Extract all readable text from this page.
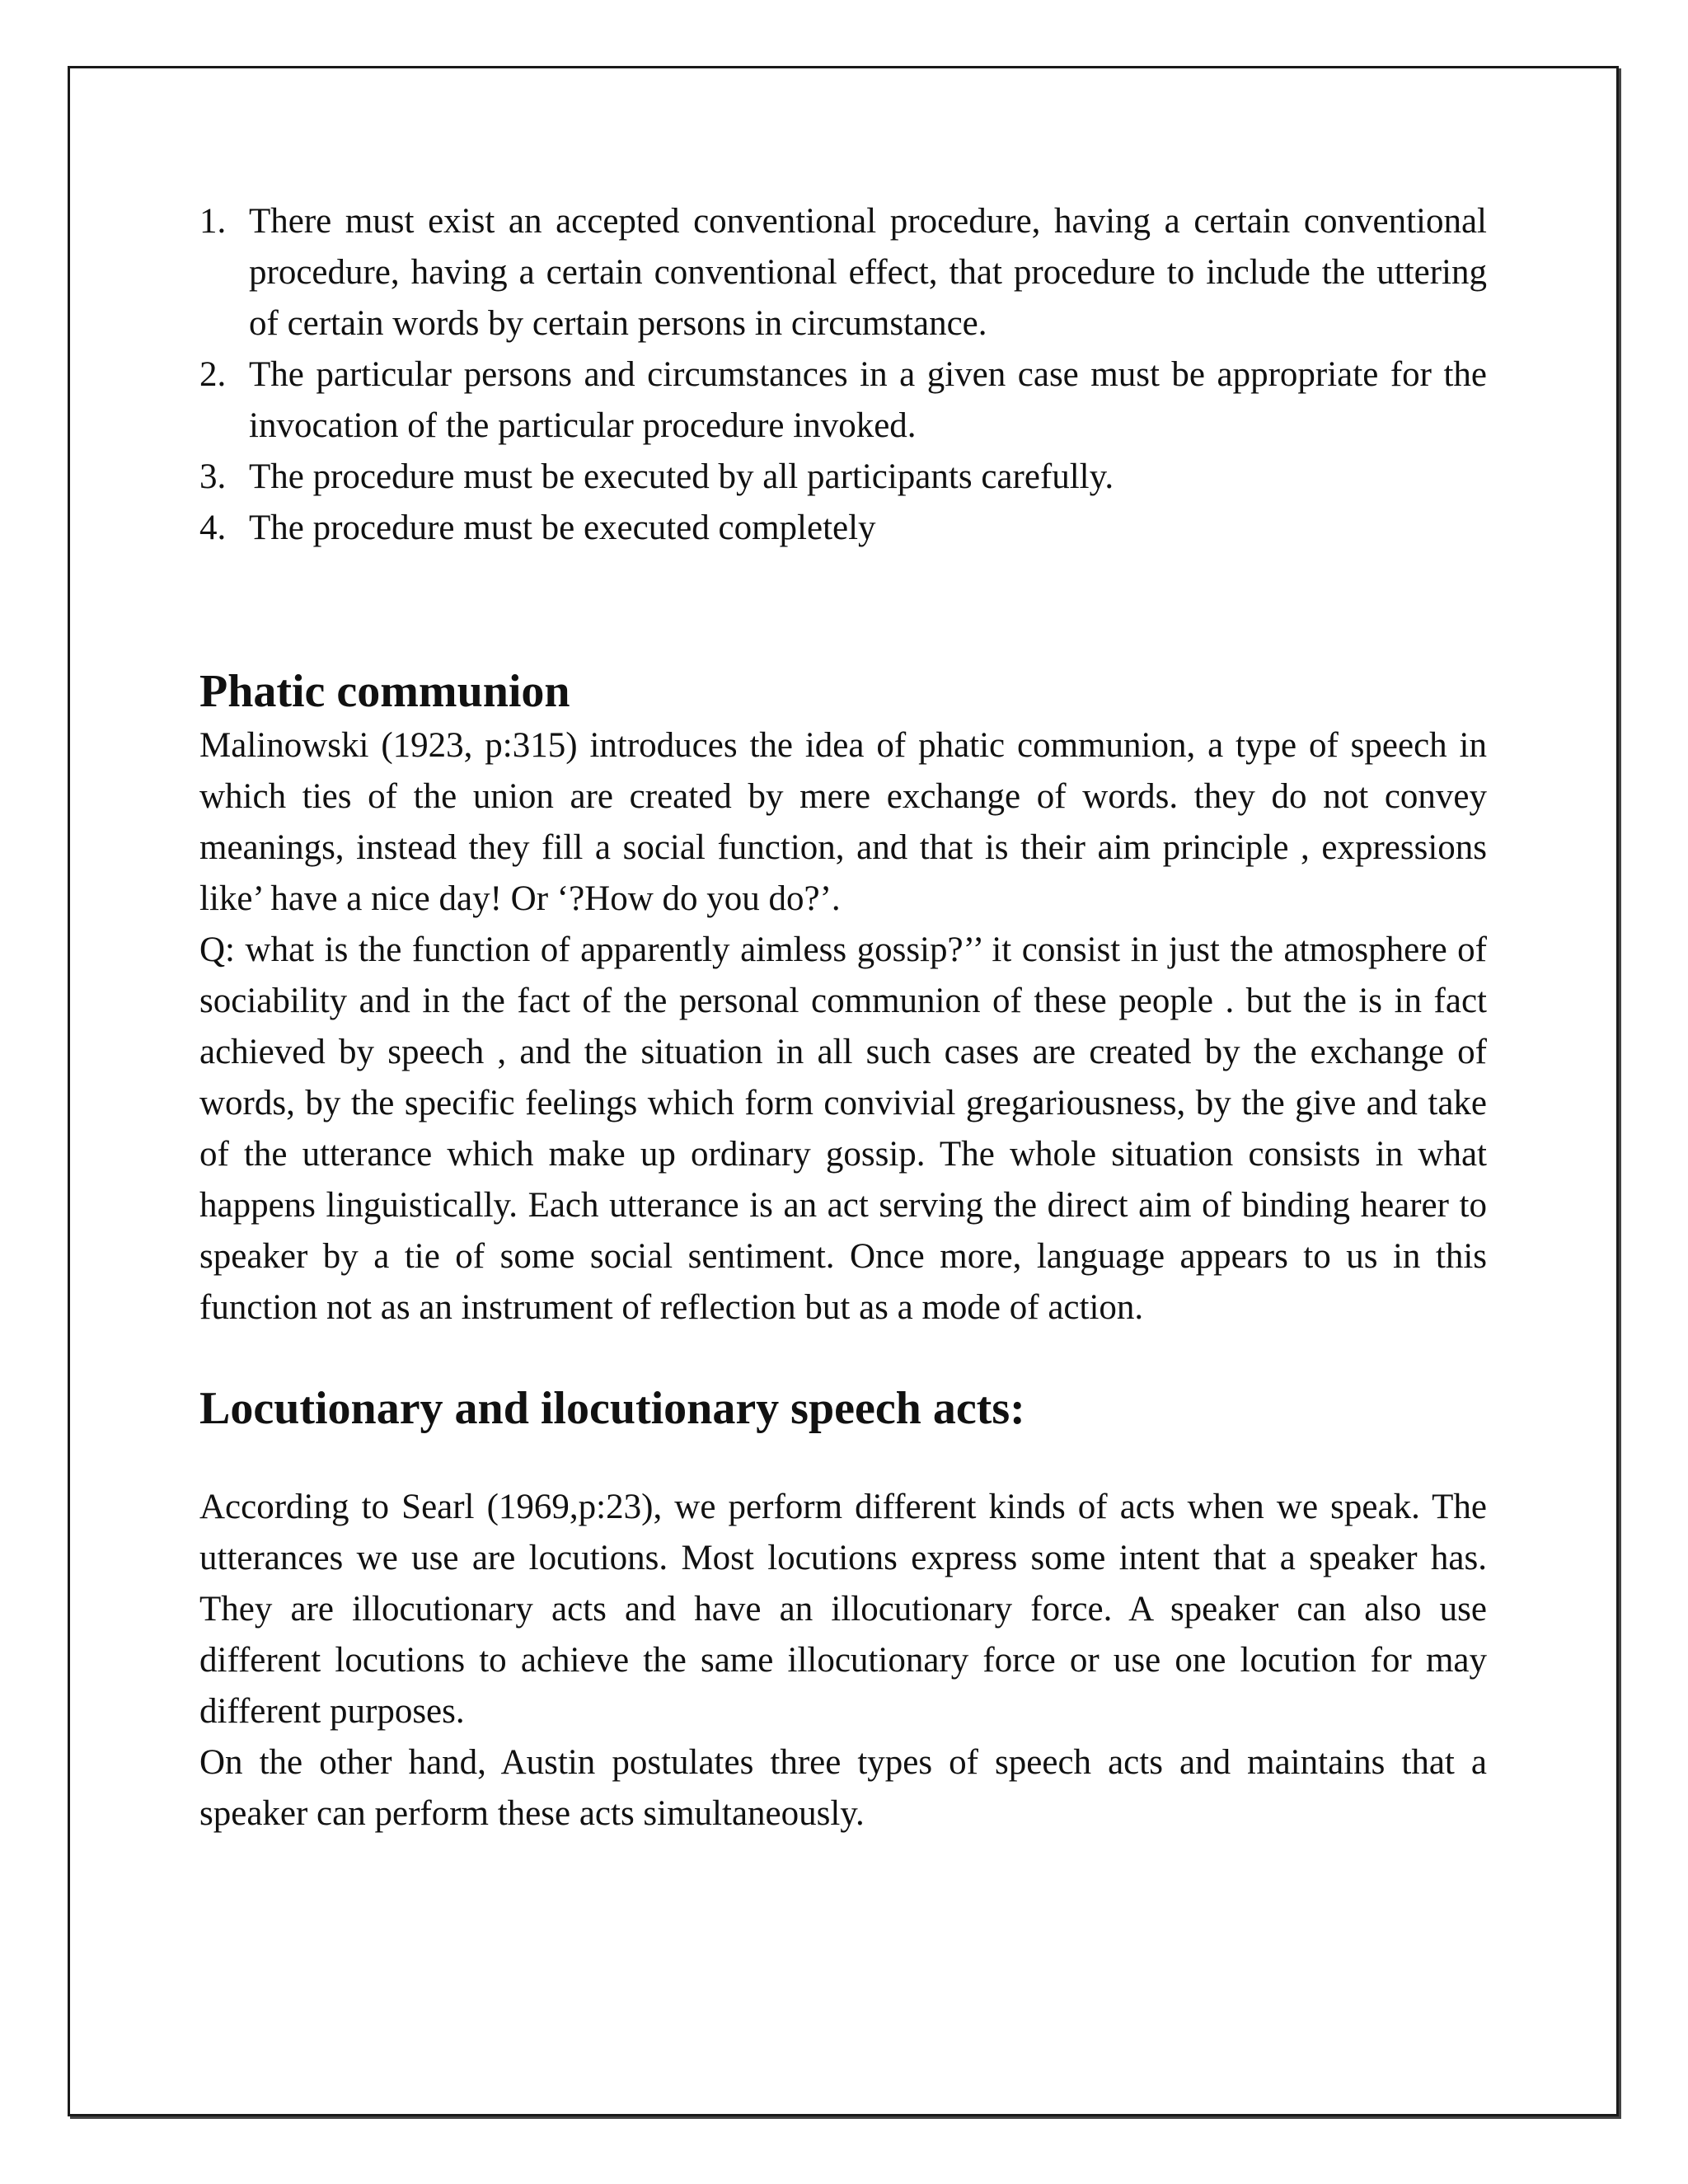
1. There must exist an accepted conventional procedure, having a certain conventional procedure, having a certain conventional effect, that procedure to include the uttering of certain words by certain persons in circumstance.
2. The particular persons and circumstances in a given case must be appropriate for the invocation of the particular procedure invoked.
3. The procedure must be executed by all participants carefully.
4. The procedure must be executed completely
Phatic communion

Malinowski (1923, p:315) introduces the idea of phatic communion, a type of speech in which ties of the union are created by mere exchange of words. they do not convey meanings, instead they fill a social function, and that is their aim principle , expressions like’ have a nice day! Or ‘?How do you do?’.

Q: what is the function of apparently aimless gossip?’’ it consist in just the atmosphere of sociability and in the fact of the personal communion of these people . but the is in fact achieved by speech , and the situation in all such cases are created by the exchange of words, by the specific feelings which form convivial gregariousness, by the give and take of the utterance which make up ordinary gossip. The whole situation consists in what happens linguistically. Each utterance is an act serving the direct aim of binding hearer to speaker by a tie of some social sentiment. Once more, language appears to us in this function not as an instrument of reflection but as a mode of action.

Locutionary and ilocutionary speech acts:

According to Searl (1969,p:23), we perform different kinds of acts when we speak. The utterances we use are locutions. Most locutions express some intent that a speaker has. They are illocutionary acts and have an illocutionary force. A speaker can also use different locutions to achieve the same illocutionary force or use one locution for may different purposes.

On the other hand, Austin postulates three types of speech acts and maintains that a speaker can perform these acts simultaneously.
